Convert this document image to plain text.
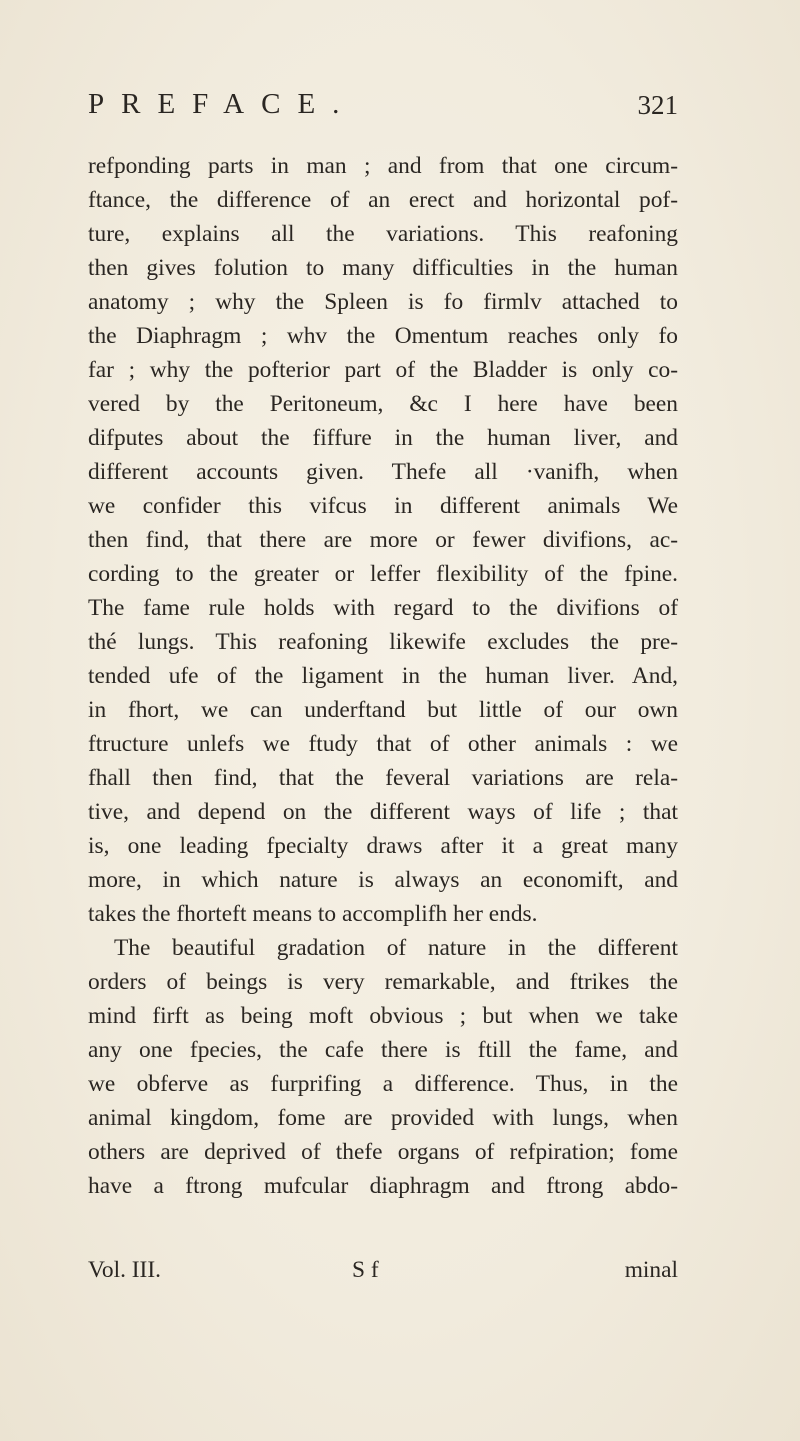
PREFACE.	321
refponding parts in man ; and from that one circum-
ftance, the difference of an erect and horizontal pof-
ture, explains all the variations. This reafoning
then gives folution to many difficulties in the human
anatomy ; why the Spleen is fo firmlv attached to
the Diaphragm ; whv the Omentum reaches only fo
far ; why the pofterior part of the Bladder is only co-
vered by the Peritoneum, &c I here have been
difputes about the fiffure in the human liver, and
different accounts given. Thefe all ·vanifh, when
we confider this vifcus in different animals We
then find, that there are more or fewer divifions, ac-
cording to the greater or leffer flexibility of the fpine.
The fame rule holds with regard to the divifions of
thé lungs. This reafoning likewife excludes the pre-
tended ufe of the ligament in the human liver. And,
in fhort, we can underftand but little of our own
ftructure unlefs we ftudy that of other animals : we
fhall then find, that the feveral variations are rela-
tive, and depend on the different ways of life ; that
is, one leading fpecialty draws after it a great many
more, in which nature is always an economift, and
takes the fhorteft means to accomplifh her ends.
The beautiful gradation of nature in the different
orders of beings is very remarkable, and ftrikes the
mind firft as being moft obvious ; but when we take
any one fpecies, the cafe there is ftill the fame, and
we obferve as furprifing a difference. Thus, in the
animal kingdom, fome are provided with lungs, when
others are deprived of thefe organs of refpiration; fome
have a ftrong mufcular diaphragm and ftrong abdo-
Vol. III.	S f	minal
